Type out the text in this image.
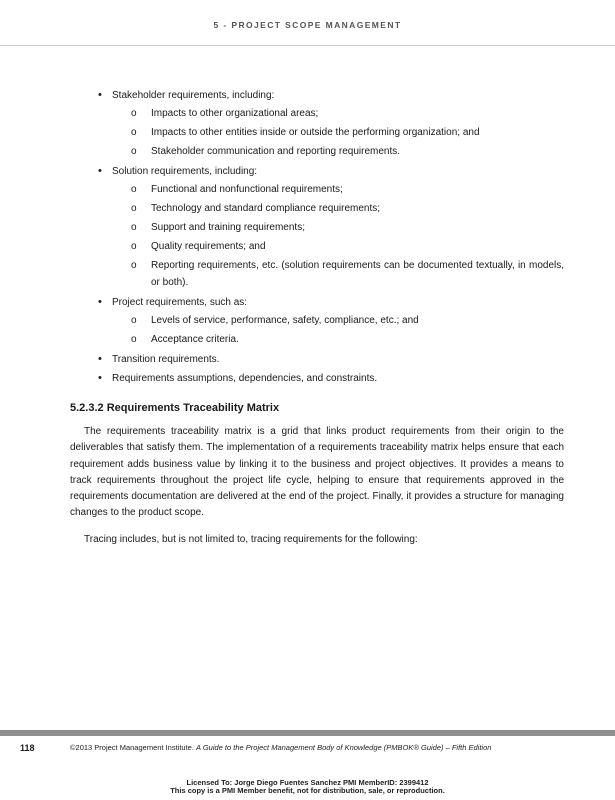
5 - PROJECT SCOPE MANAGEMENT
• Stakeholder requirements, including:
o Impacts to other organizational areas;
o Impacts to other entities inside or outside the performing organization; and
o Stakeholder communication and reporting requirements.
• Solution requirements, including:
o Functional and nonfunctional requirements;
o Technology and standard compliance requirements;
o Support and training requirements;
o Quality requirements; and
o Reporting requirements, etc. (solution requirements can be documented textually, in models, or both).
• Project requirements, such as:
o Levels of service, performance, safety, compliance, etc.; and
o Acceptance criteria.
• Transition requirements.
• Requirements assumptions, dependencies, and constraints.
5.2.3.2 Requirements Traceability Matrix

The requirements traceability matrix is a grid that links product requirements from their origin to the deliverables that satisfy them. The implementation of a requirements traceability matrix helps ensure that each requirement adds business value by linking it to the business and project objectives. It provides a means to track requirements throughout the project life cycle, helping to ensure that requirements approved in the requirements documentation are delivered at the end of the project. Finally, it provides a structure for managing changes to the product scope.

Tracing includes, but is not limited to, tracing requirements for the following:

118	©2013 Project Management Institute. A Guide to the Project Management Body of Knowledge (PMBOK® Guide) – Fifth Edition
Licensed To: Jorge Diego Fuentes Sanchez PMI MemberID: 2399412
This copy is a PMI Member benefit, not for distribution, sale, or reproduction.
